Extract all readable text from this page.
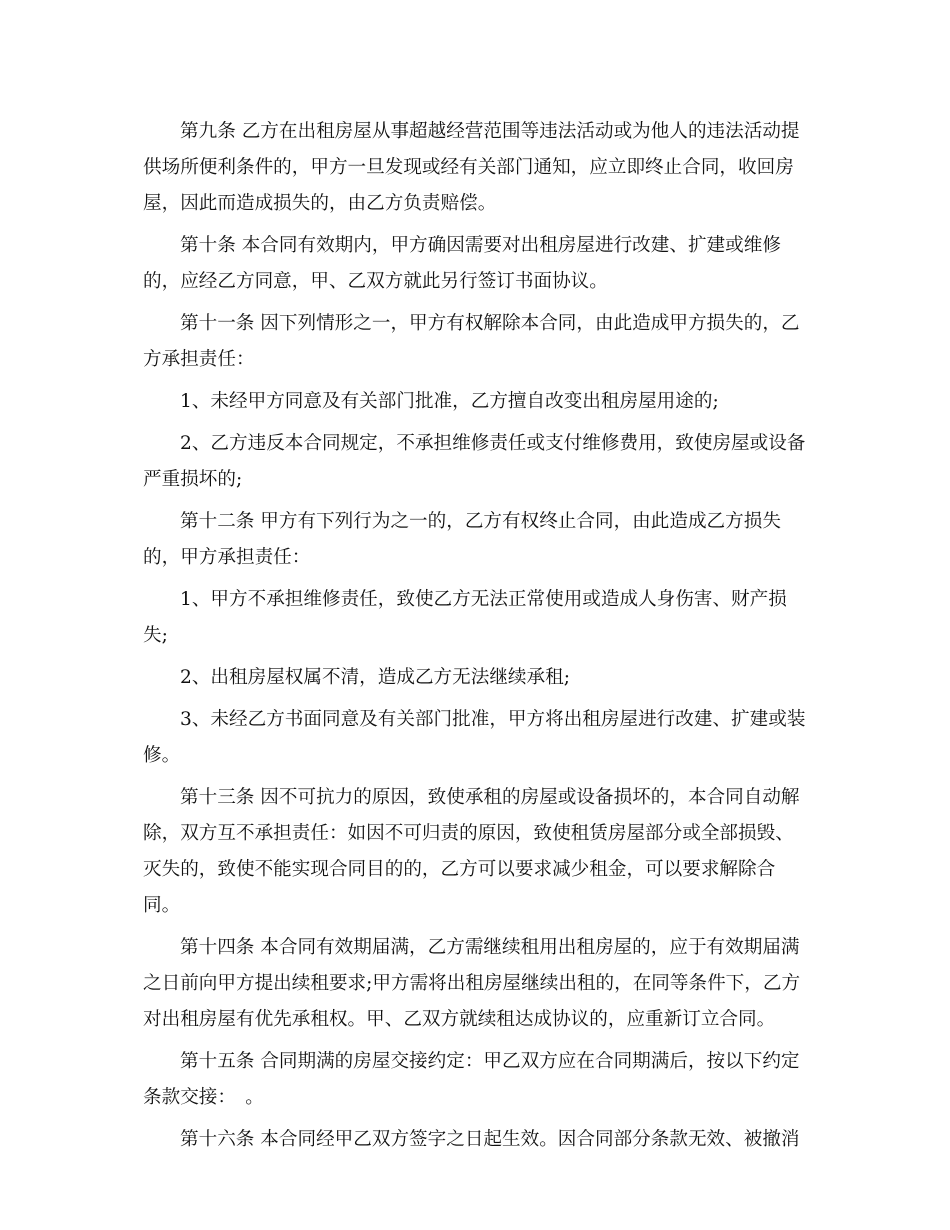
第九条 乙方在出租房屋从事超越经营范围等违法活动或为他人的违法活动提
供场所便利条件的，甲方一旦发现或经有关部门通知，应立即终止合同，收回房
屋，因此而造成损失的，由乙方负责赔偿。
第十条 本合同有效期内，甲方确因需要对出租房屋进行改建、扩建或维修
的，应经乙方同意，甲、乙双方就此另行签订书面协议。
第十一条 因下列情形之一，甲方有权解除本合同，由此造成甲方损失的，乙
方承担责任：
1、未经甲方同意及有关部门批准，乙方擅自改变出租房屋用途的;
2、乙方违反本合同规定，不承担维修责任或支付维修费用，致使房屋或设备
严重损坏的;
第十二条 甲方有下列行为之一的，乙方有权终止合同，由此造成乙方损失
的，甲方承担责任：
1、甲方不承担维修责任，致使乙方无法正常使用或造成人身伤害、财产损
失;
2、出租房屋权属不清，造成乙方无法继续承租;
3、未经乙方书面同意及有关部门批准，甲方将出租房屋进行改建、扩建或装
修。
第十三条 因不可抗力的原因，致使承租的房屋或设备损坏的，本合同自动解
除，双方互不承担责任：如因不可归责的原因，致使租赁房屋部分或全部损毁、
灭失的，致使不能实现合同目的的，乙方可以要求减少租金，可以要求解除合
同。
第十四条 本合同有效期届满，乙方需继续租用出租房屋的，应于有效期届满
之日前向甲方提出续租要求;甲方需将出租房屋继续出租的，在同等条件下，乙方
对出租房屋有优先承租权。甲、乙双方就续租达成协议的，应重新订立合同。
第十五条 合同期满的房屋交接约定：甲乙双方应在合同期满后，按以下约定
条款交接：　。
第十六条 本合同经甲乙双方签字之日起生效。因合同部分条款无效、被撤消
